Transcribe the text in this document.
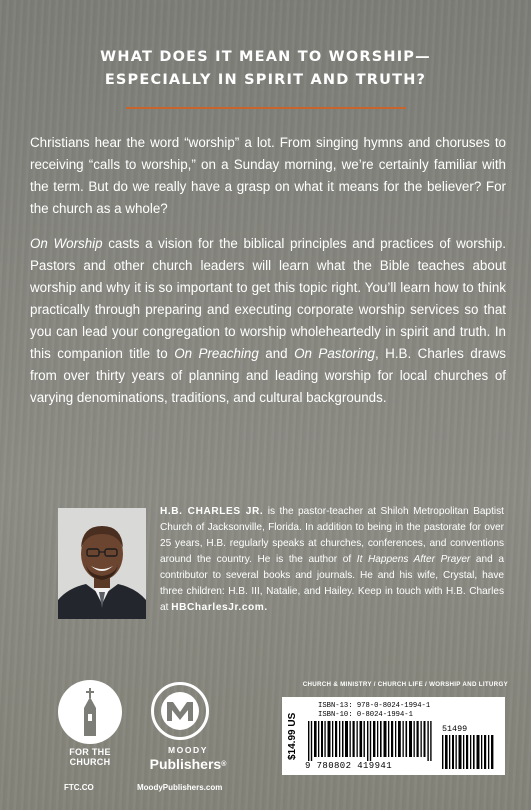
WHAT DOES IT MEAN TO WORSHIP—
ESPECIALLY IN SPIRIT AND TRUTH?

Christians hear the word “worship” a lot. From singing hymns and choruses to receiving “calls to worship,” on a Sunday morning, we’re certainly familiar with the term. But do we really have a grasp on what it means for the believer? For the church as a whole?

On Worship casts a vision for the biblical principles and practices of worship. Pastors and other church leaders will learn what the Bible teaches about worship and why it is so important to get this topic right. You’ll learn how to think practically through preparing and executing corporate worship services so that you can lead your congregation to worship wholeheartedly in spirit and truth. In this companion title to On Preaching and On Pastoring, H.B. Charles draws from over thirty years of planning and leading worship for local churches of varying denominations, traditions, and cultural backgrounds.

H.B. CHARLES JR. is the pastor-teacher at Shiloh Metropolitan Baptist Church of Jacksonville, Florida. In addition to being in the pastorate for over 25 years, H.B. regularly speaks at churches, conferences, and conventions around the country. He is the author of It Happens After Prayer and a contributor to several books and journals. He and his wife, Crystal, have three children: H.B. III, Natalie, and Hailey. Keep in touch with H.B. Charles at HBCharlesJr.com.
FOR THE
CHURCH
FTC.CO
MOODY
Publishers®
MoodyPublishers.com
CHURCH & MINISTRY / CHURCH LIFE / WORSHIP AND LITURGY
ISBN-13: 978-0-8024-1994-1
ISBN-10: 0-8024-1994-1
$14.99 US
9 780802 419941
51499
